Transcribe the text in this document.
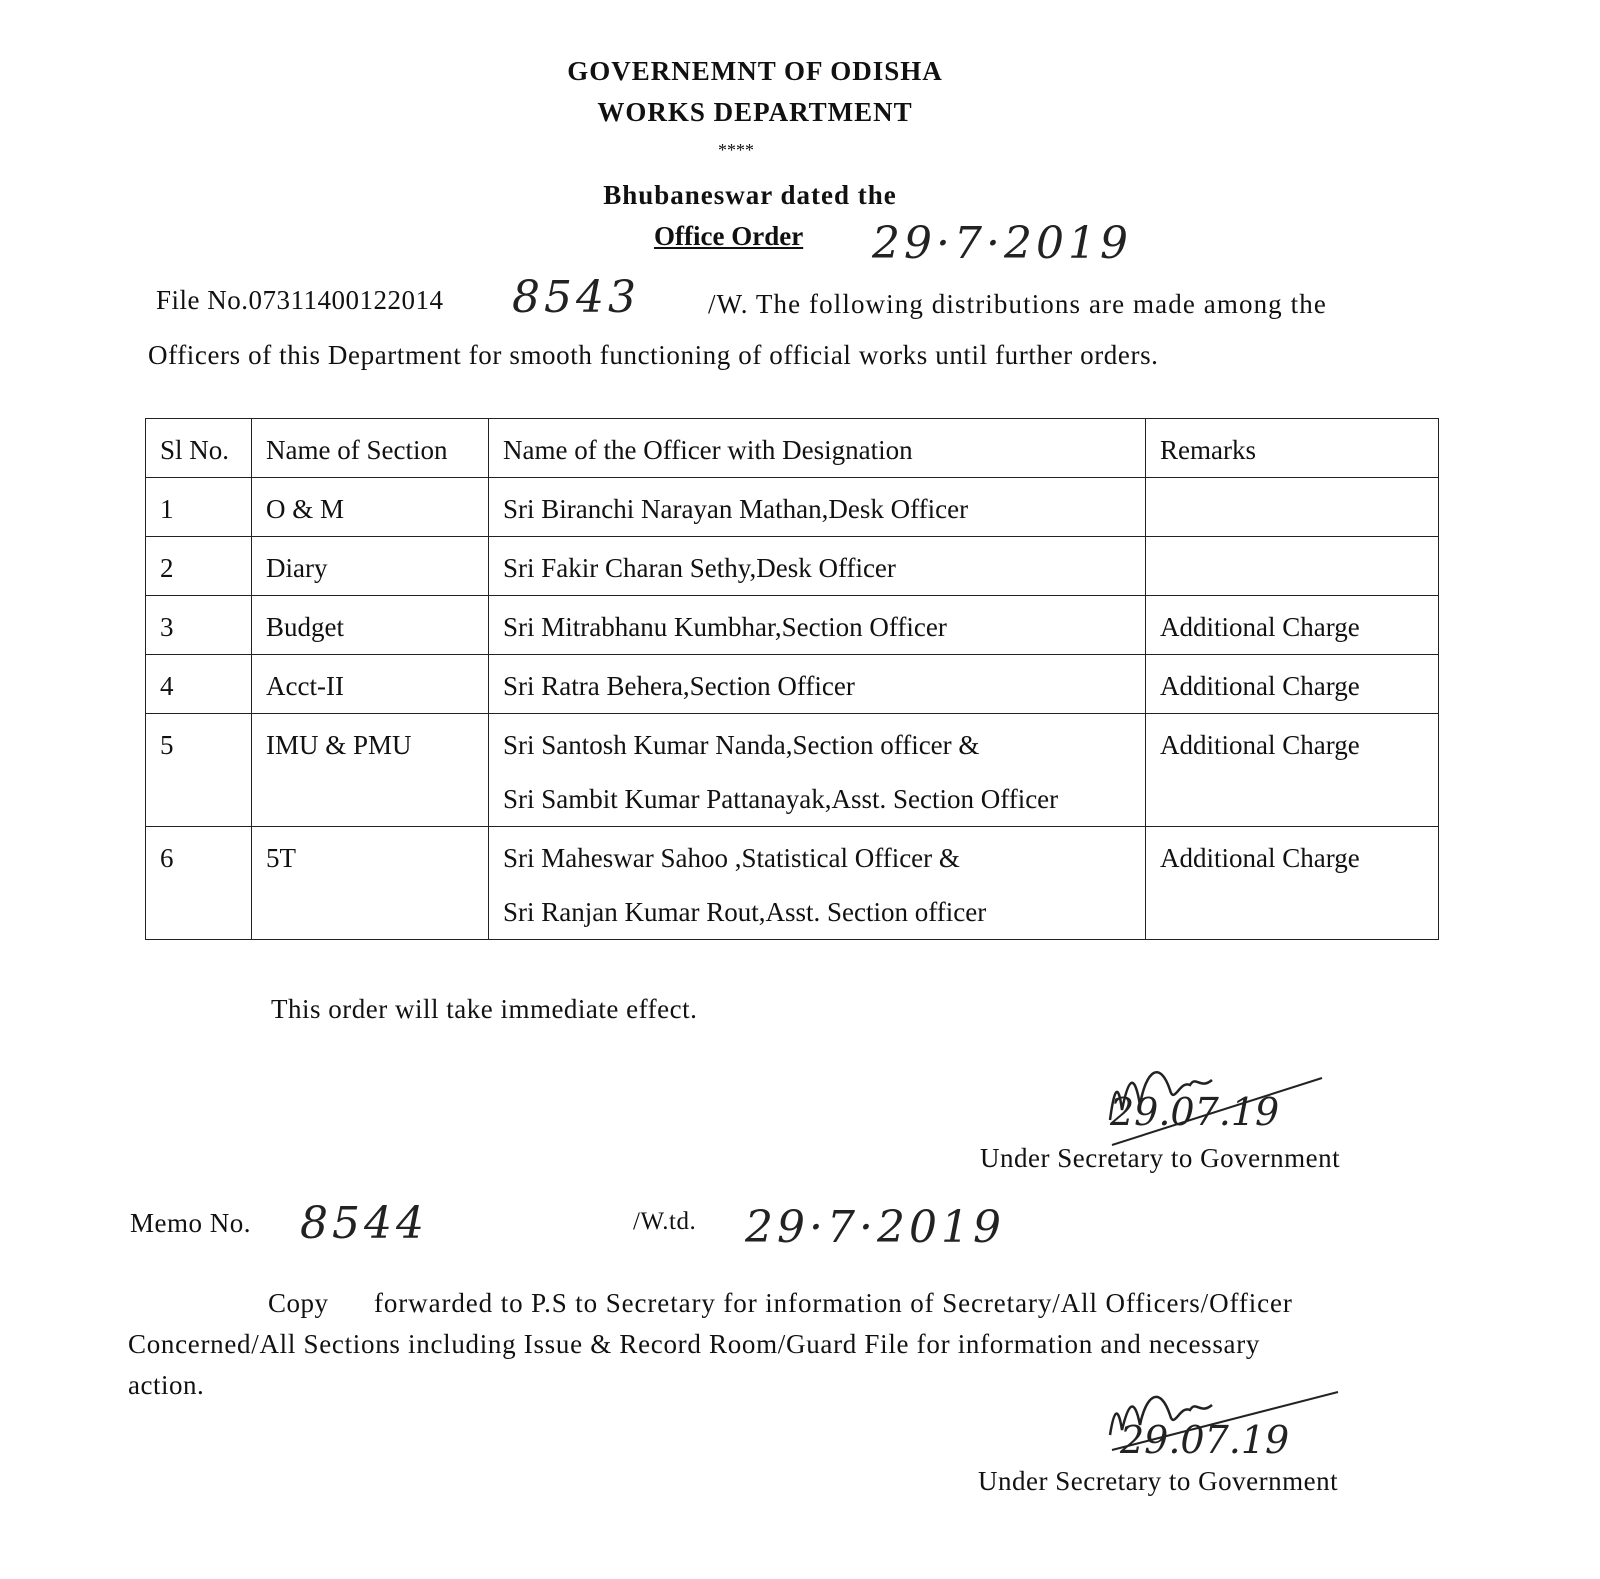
GOVERNEMNT OF ODISHA
WORKS DEPARTMENT
****
Bhubaneswar dated the
Office Order 29·7·2019
File No.07311400122014 8543	/W. The following distributions are made among the
Officers of this Department for smooth functioning of official works until further orders.
Sl No.	Name of Section	Name of the Officer with Designation	Remarks
1	O & M	Sri Biranchi Narayan Mathan,Desk Officer	
2	Diary	Sri Fakir Charan Sethy,Desk Officer	
3	Budget	Sri Mitrabhanu Kumbhar,Section Officer	Additional Charge
4	Acct-II	Sri Ratra Behera,Section Officer	Additional Charge
5	IMU & PMU	Sri Santosh Kumar Nanda,Section officer &
Sri Sambit Kumar Pattanayak,Asst. Section Officer	Additional Charge
6	5T	Sri Maheswar Sahoo ,Statistical Officer &
Sri Ranjan Kumar Rout,Asst. Section officer	Additional Charge
This order will take immediate effect.
29.07.19
Under Secretary to Government
Memo No. 8544	/W.td. 29·7·2019
Copy forwarded to P.S to Secretary for information of Secretary/All Officers/Officer
Concerned/All Sections including Issue & Record Room/Guard File for information and necessary
action.
29.07.19
Under Secretary to Government
